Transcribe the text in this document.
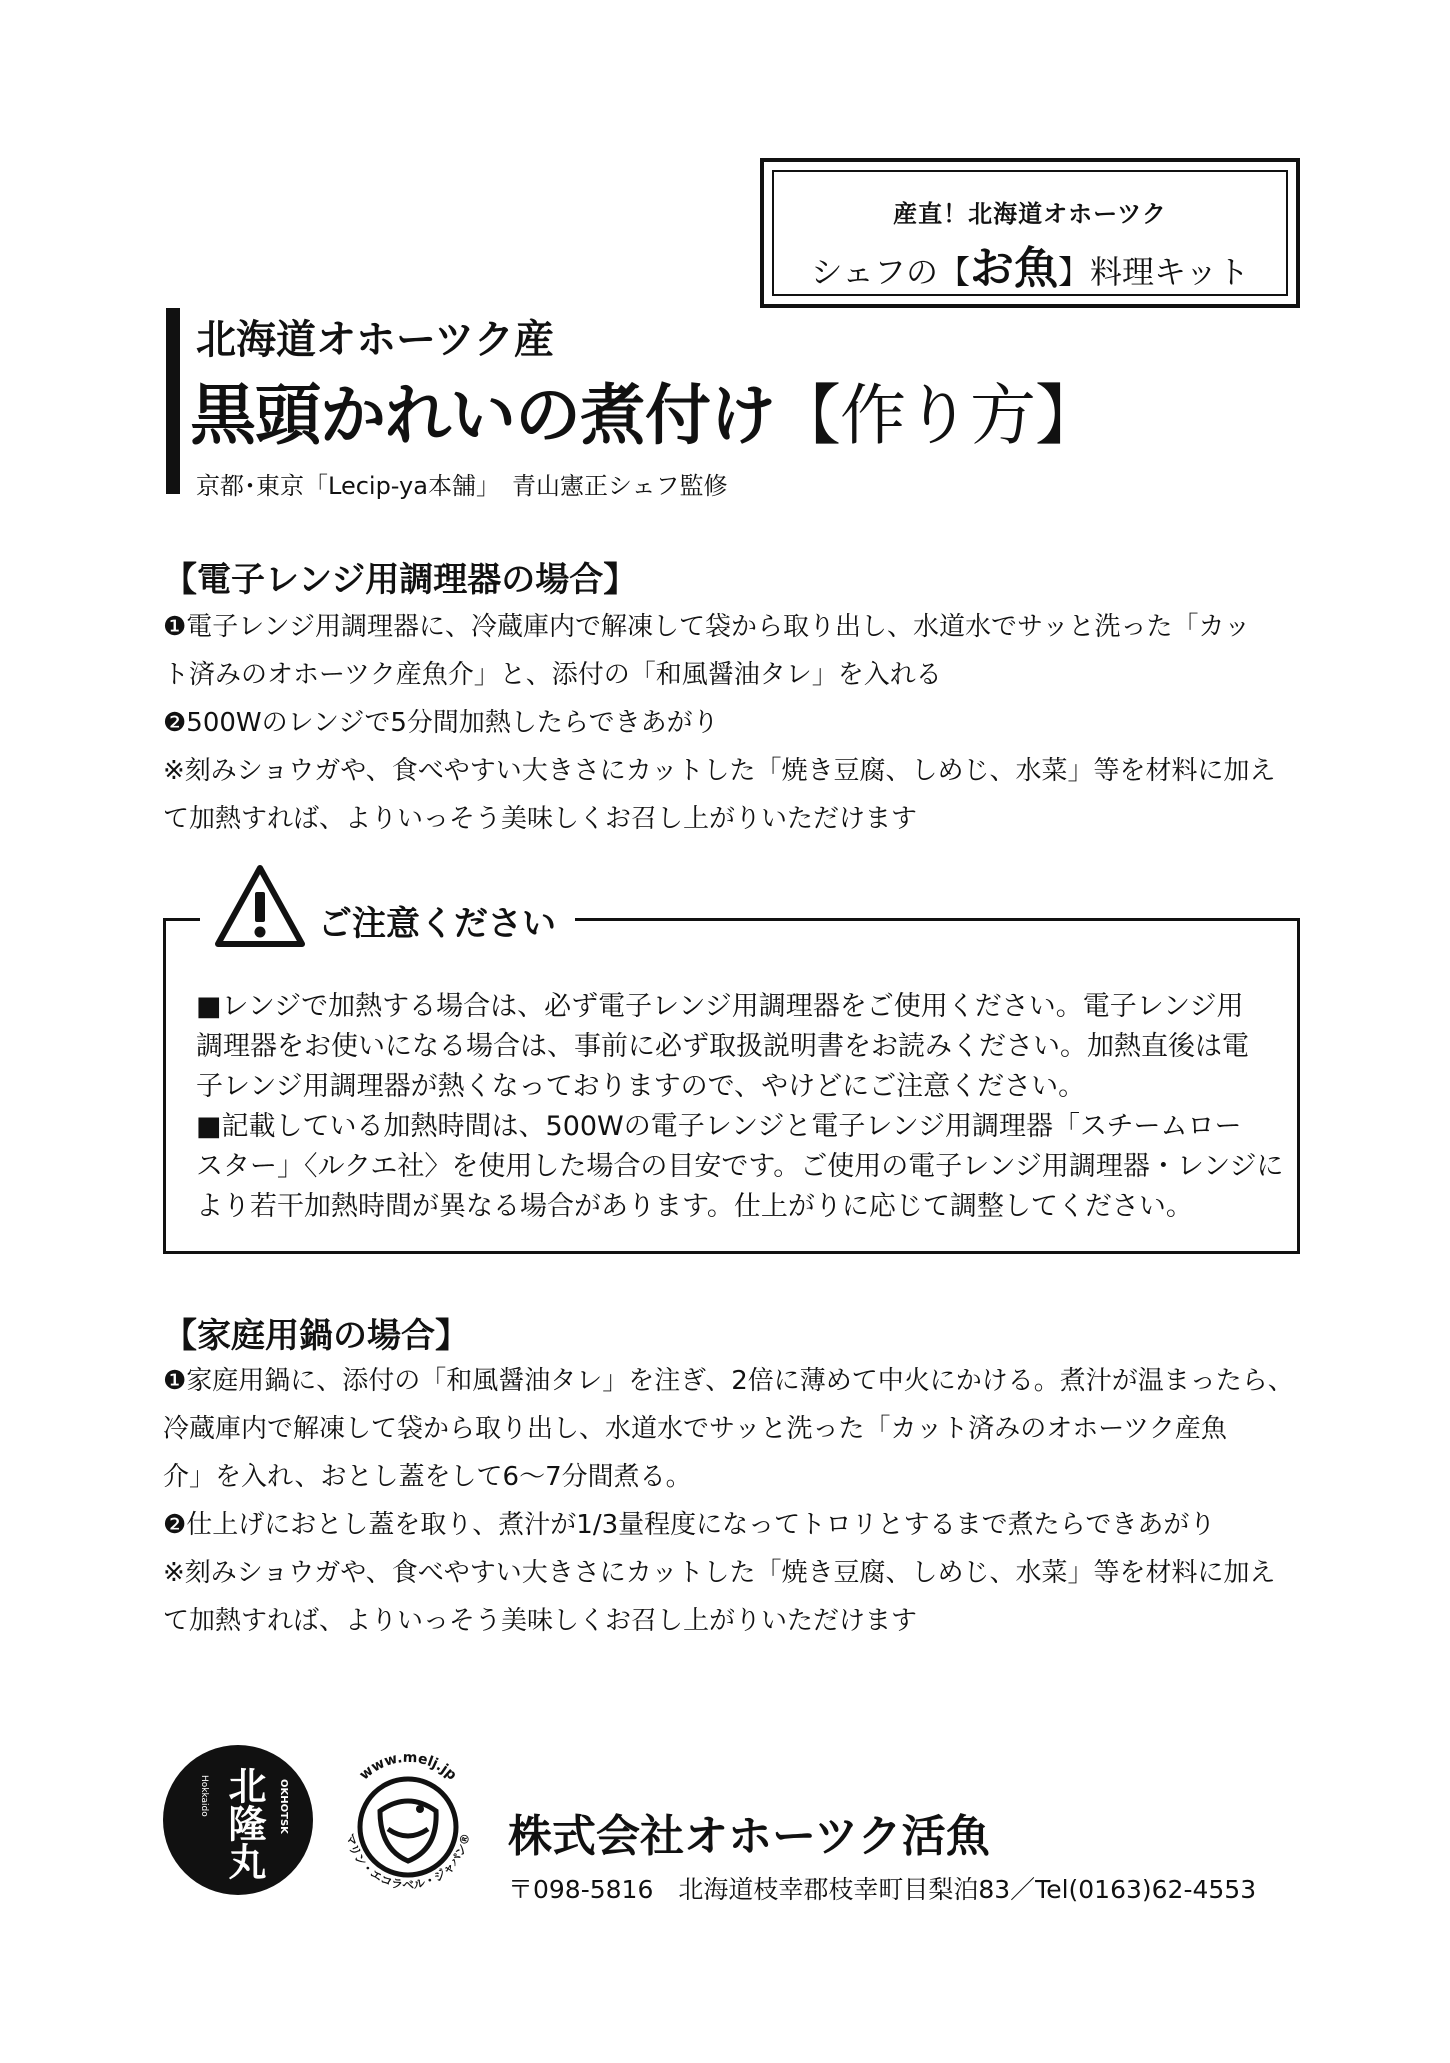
産直！北海道オホーツク
シェフの【お魚】料理キット
北海道オホーツク産
黒頭かれいの煮付け【作り方】
京都･東京「Lecip-ya本舗」　青山憲正シェフ監修
【電子レンジ用調理器の場合】
❶電子レンジ用調理器に、冷蔵庫内で解凍して袋から取り出し、水道水でサッと洗った「カッ
ト済みのオホーツク産魚介」と、添付の「和風醤油タレ」を入れる
❷500Wのレンジで5分間加熱したらできあがり
※刻みショウガや、食べやすい大きさにカットした「焼き豆腐、しめじ、水菜」等を材料に加え
て加熱すれば、よりいっそう美味しくお召し上がりいただけます
ご注意ください
■レンジで加熱する場合は、必ず電子レンジ用調理器をご使用ください。電子レンジ用
調理器をお使いになる場合は、事前に必ず取扱説明書をお読みください。加熱直後は電
子レンジ用調理器が熱くなっておりますので、やけどにご注意ください。
■記載している加熱時間は、500Wの電子レンジと電子レンジ用調理器「スチームロー
スター」〈ルクエ社〉を使用した場合の目安です。ご使用の電子レンジ用調理器・レンジに
より若干加熱時間が異なる場合があります。仕上がりに応じて調整してください。
【家庭用鍋の場合】
❶家庭用鍋に、添付の「和風醤油タレ」を注ぎ、2倍に薄めて中火にかける。煮汁が温まったら、
冷蔵庫内で解凍して袋から取り出し、水道水でサッと洗った「カット済みのオホーツク産魚
介」を入れ、おとし蓋をして6〜7分間煮る。
❷仕上げにおとし蓋を取り、煮汁が1/3量程度になってトロリとするまで煮たらできあがり
※刻みショウガや、食べやすい大きさにカットした「焼き豆腐、しめじ、水菜」等を材料に加え
て加熱すれば、よりいっそう美味しくお召し上がりいただけます
北隆丸
Hokkaido	OKHOTSK
www.melj.jp
マリン・エコラベル・ジャパン® 株式会社オホーツク活魚
〒098-5816　北海道枝幸郡枝幸町目梨泊83／Tel(0163)62-4553
